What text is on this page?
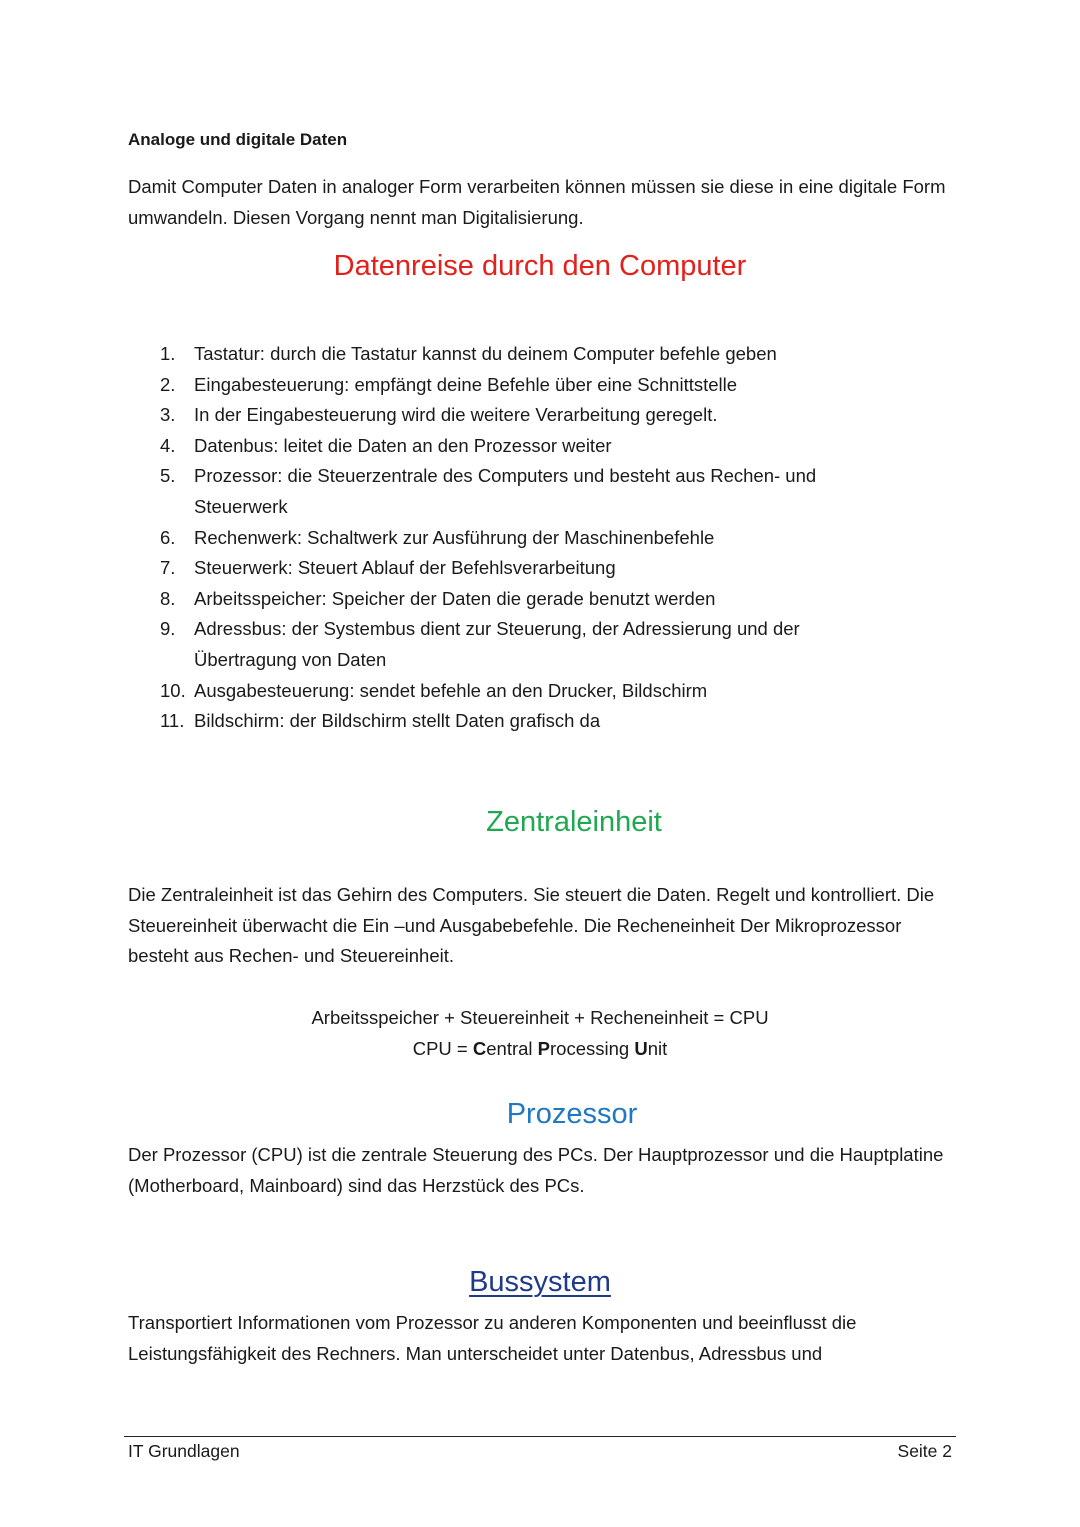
Analoge und digitale Daten
Damit Computer Daten in analoger Form verarbeiten können müssen sie diese in eine digitale Form umwandeln. Diesen Vorgang nennt man Digitalisierung.
Datenreise durch den Computer
1.	Tastatur: durch die Tastatur kannst du deinem Computer befehle geben
2.	Eingabesteuerung: empfängt deine Befehle über eine Schnittstelle
3.	In der Eingabesteuerung wird die weitere Verarbeitung geregelt.
4.	Datenbus: leitet die Daten an den Prozessor weiter
5.	Prozessor: die Steuerzentrale des Computers und besteht aus Rechen- und Steuerwerk
6.	Rechenwerk: Schaltwerk zur Ausführung der Maschinenbefehle
7.	Steuerwerk: Steuert Ablauf der Befehlsverarbeitung
8.	Arbeitsspeicher: Speicher der Daten die gerade benutzt werden
9.	Adressbus: der Systembus dient zur Steuerung, der Adressierung und der Übertragung von Daten
10. Ausgabesteuerung: sendet befehle an den Drucker, Bildschirm
11. Bildschirm: der Bildschirm stellt Daten grafisch da
Zentraleinheit
Die Zentraleinheit ist das Gehirn des Computers. Sie steuert die Daten. Regelt und kontrolliert. Die Steuereinheit überwacht die Ein –und Ausgabebefehle. Die Recheneinheit Der Mikroprozessor besteht aus Rechen- und Steuereinheit.
Arbeitsspeicher + Steuereinheit + Recheneinheit = CPU
CPU = Central Processing Unit
Prozessor
Der Prozessor (CPU) ist die zentrale Steuerung des PCs. Der Hauptprozessor und die Hauptplatine (Motherboard, Mainboard) sind das Herzstück des PCs.
Bussystem
Transportiert Informationen vom Prozessor zu anderen Komponenten und beeinflusst die Leistungsfähigkeit des Rechners. Man unterscheidet unter Datenbus, Adressbus und
IT Grundlagen	Seite 2
